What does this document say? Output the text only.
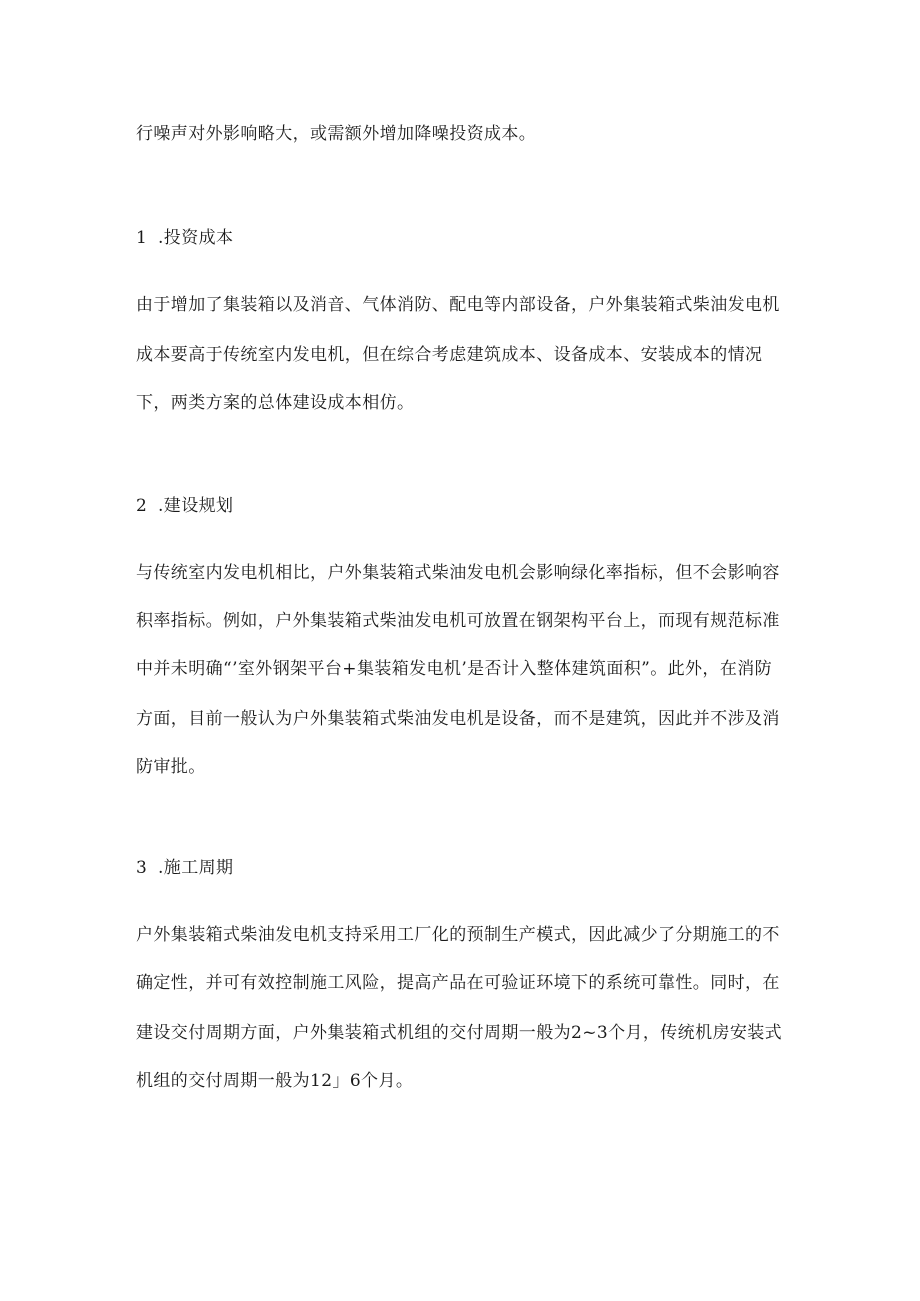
行噪声对外影响略大，或需额外增加降噪投资成本。
1 .投资成本
由于增加了集装箱以及消音、气体消防、配电等内部设备，户外集装箱式柴油发电机
成本要高于传统室内发电机，但在综合考虑建筑成本、设备成本、安装成本的情况
下，两类方案的总体建设成本相仿。
2 .建设规划
与传统室内发电机相比，户外集装箱式柴油发电机会影响绿化率指标，但不会影响容
积率指标。例如，户外集装箱式柴油发电机可放置在钢架构平台上，而现有规范标准
中并未明确“’室外钢架平台+集装箱发电机’是否计入整体建筑面积”。此外，在消防
方面，目前一般认为户外集装箱式柴油发电机是设备，而不是建筑，因此并不涉及消
防审批。
3 .施工周期
户外集装箱式柴油发电机支持采用工厂化的预制生产模式，因此减少了分期施工的不
确定性，并可有效控制施工风险，提高产品在可验证环境下的系统可靠性。同时，在
建设交付周期方面，户外集装箱式机组的交付周期一般为2~3个月，传统机房安装式
机组的交付周期一般为12」6个月。
